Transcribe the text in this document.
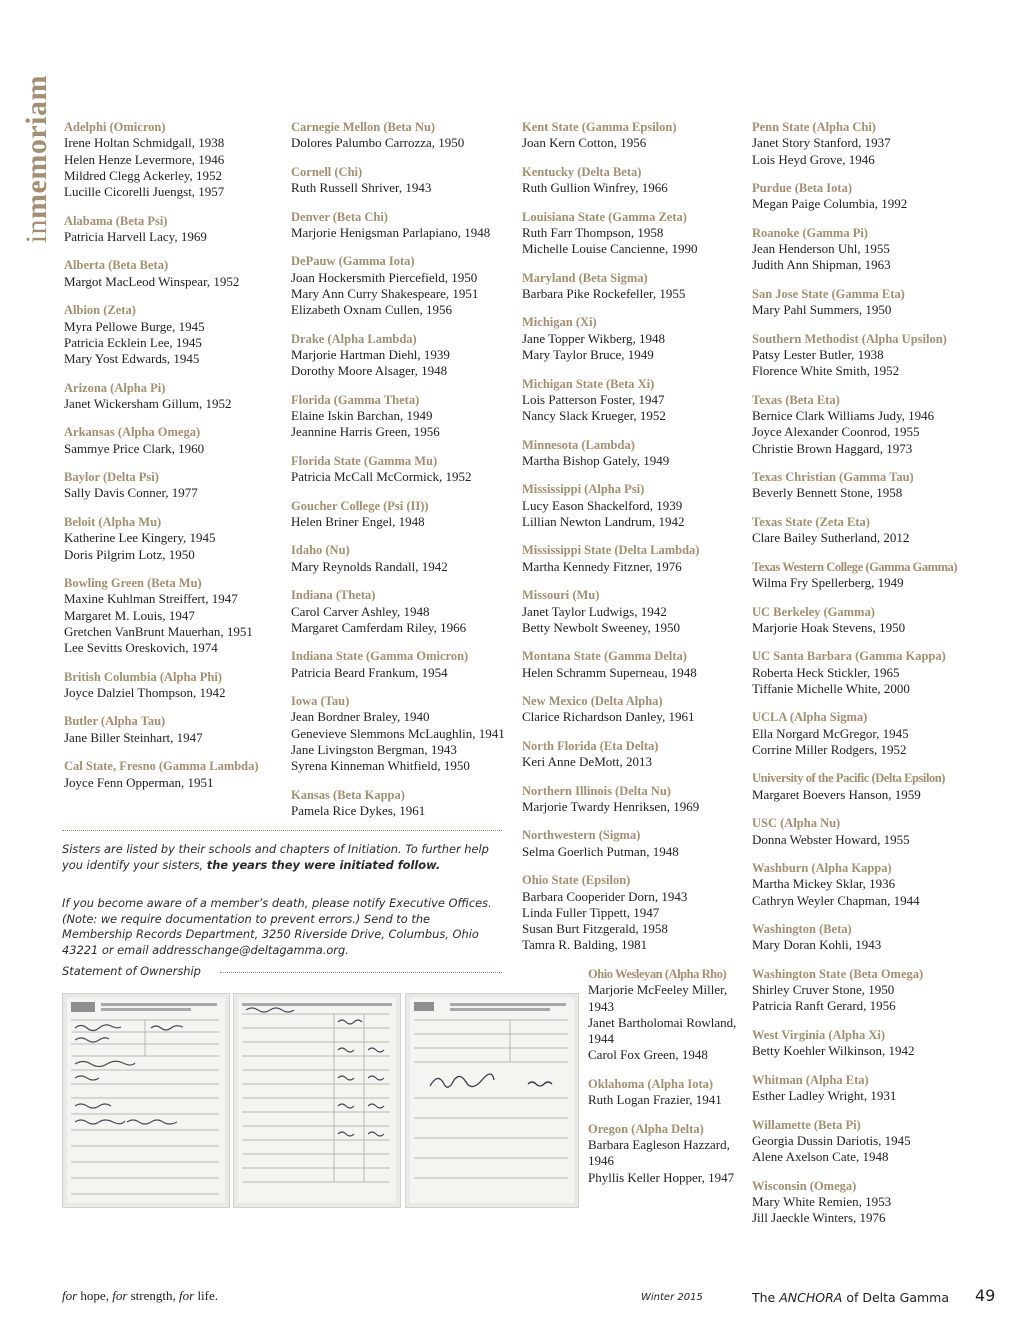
inmemoriam Adelphi (Omicron)
Irene Holtan Schmidgall, 1938
Helen Henze Levermore, 1946
Mildred Clegg Ackerley, 1952
Lucille Cicorelli Juengst, 1957
Alabama (Beta Psi)
Patricia Harvell Lacy, 1969
Alberta (Beta Beta)
Margot MacLeod Winspear, 1952
Albion (Zeta)
Myra Pellowe Burge, 1945
Patricia Ecklein Lee, 1945
Mary Yost Edwards, 1945
Arizona (Alpha Pi)
Janet Wickersham Gillum, 1952
Arkansas (Alpha Omega)
Sammye Price Clark, 1960
Baylor (Delta Psi)
Sally Davis Conner, 1977
Beloit (Alpha Mu)
Katherine Lee Kingery, 1945
Doris Pilgrim Lotz, 1950
Bowling Green (Beta Mu)
Maxine Kuhlman Streiffert, 1947
Margaret M. Louis, 1947
Gretchen VanBrunt Mauerhan, 1951
Lee Sevitts Oreskovich, 1974
British Columbia (Alpha Phi)
Joyce Dalziel Thompson, 1942
Butler (Alpha Tau)
Jane Biller Steinhart, 1947
Cal State, Fresno (Gamma Lambda)
Joyce Fenn Opperman, 1951
Carnegie Mellon (Beta Nu)
Dolores Palumbo Carrozza, 1950
Cornell (Chi)
Ruth Russell Shriver, 1943
Denver (Beta Chi)
Marjorie Henigsman Parlapiano, 1948
DePauw (Gamma Iota)
Joan Hockersmith Piercefield, 1950
Mary Ann Curry Shakespeare, 1951
Elizabeth Oxnam Cullen, 1956
Drake (Alpha Lambda)
Marjorie Hartman Diehl, 1939
Dorothy Moore Alsager, 1948
Florida (Gamma Theta)
Elaine Iskin Barchan, 1949
Jeannine Harris Green, 1956
Florida State (Gamma Mu)
Patricia McCall McCormick, 1952
Goucher College (Psi (II))
Helen Briner Engel, 1948
Idaho (Nu)
Mary Reynolds Randall, 1942
Indiana (Theta)
Carol Carver Ashley, 1948
Margaret Camferdam Riley, 1966
Indiana State (Gamma Omicron)
Patricia Beard Frankum, 1954
Iowa (Tau)
Jean Bordner Braley, 1940
Genevieve Slemmons McLaughlin, 1941
Jane Livingston Bergman, 1943
Syrena Kinneman Whitfield, 1950
Kansas (Beta Kappa)
Pamela Rice Dykes, 1961
Kent State (Gamma Epsilon)
Joan Kern Cotton, 1956
Kentucky (Delta Beta)
Ruth Gullion Winfrey, 1966
Louisiana State (Gamma Zeta)
Ruth Farr Thompson, 1958
Michelle Louise Cancienne, 1990
Maryland (Beta Sigma)
Barbara Pike Rockefeller, 1955
Michigan (Xi)
Jane Topper Wikberg, 1948
Mary Taylor Bruce, 1949
Michigan State (Beta Xi)
Lois Patterson Foster, 1947
Nancy Slack Krueger, 1952
Minnesota (Lambda)
Martha Bishop Gately, 1949
Mississippi (Alpha Psi)
Lucy Eason Shackelford, 1939
Lillian Newton Landrum, 1942
Mississippi State (Delta Lambda)
Martha Kennedy Fitzner, 1976
Missouri (Mu)
Janet Taylor Ludwigs, 1942
Betty Newbolt Sweeney, 1950
Montana State (Gamma Delta)
Helen Schramm Superneau, 1948
New Mexico (Delta Alpha)
Clarice Richardson Danley, 1961
North Florida (Eta Delta)
Keri Anne DeMott, 2013
Northern Illinois (Delta Nu)
Marjorie Twardy Henriksen, 1969
Northwestern (Sigma)
Selma Goerlich Putman, 1948
Ohio State (Epsilon)
Barbara Cooperider Dorn, 1943
Linda Fuller Tippett, 1947
Susan Burt Fitzgerald, 1958
Tamra R. Balding, 1981
Ohio Wesleyan (Alpha Rho)
Marjorie McFeeley Miller, 1943
Janet Bartholomai Rowland, 1944
Carol Fox Green, 1948
Oklahoma (Alpha Iota)
Ruth Logan Frazier, 1941
Oregon (Alpha Delta)
Barbara Eagleson Hazzard, 1946
Phyllis Keller Hopper, 1947
Penn State (Alpha Chi)
Janet Story Stanford, 1937
Lois Heyd Grove, 1946
Purdue (Beta Iota)
Megan Paige Columbia, 1992
Roanoke (Gamma Pi)
Jean Henderson Uhl, 1955
Judith Ann Shipman, 1963
San Jose State (Gamma Eta)
Mary Pahl Summers, 1950
Southern Methodist (Alpha Upsilon)
Patsy Lester Butler, 1938
Florence White Smith, 1952
Texas (Beta Eta)
Bernice Clark Williams Judy, 1946
Joyce Alexander Coonrod, 1955
Christie Brown Haggard, 1973
Texas Christian (Gamma Tau)
Beverly Bennett Stone, 1958
Texas State (Zeta Eta)
Clare Bailey Sutherland, 2012
Texas Western College (Gamma Gamma)
Wilma Fry Spellerberg, 1949
UC Berkeley (Gamma)
Marjorie Hoak Stevens, 1950
UC Santa Barbara (Gamma Kappa)
Roberta Heck Stickler, 1965
Tiffanie Michelle White, 2000
UCLA (Alpha Sigma)
Ella Norgard McGregor, 1945
Corrine Miller Rodgers, 1952
University of the Pacific (Delta Epsilon)
Margaret Boevers Hanson, 1959
USC (Alpha Nu)
Donna Webster Howard, 1955
Washburn (Alpha Kappa)
Martha Mickey Sklar, 1936
Cathryn Weyler Chapman, 1944
Washington (Beta)
Mary Doran Kohli, 1943
Washington State (Beta Omega)
Shirley Cruver Stone, 1950
Patricia Ranft Gerard, 1956
West Virginia (Alpha Xi)
Betty Koehler Wilkinson, 1942
Whitman (Alpha Eta)
Esther Ladley Wright, 1931
Willamette (Beta Pi)
Georgia Dussin Dariotis, 1945
Alene Axelson Cate, 1948
Wisconsin (Omega)
Mary White Remien, 1953
Jill Jaeckle Winters, 1976
Sisters are listed by their schools and chapters of Initiation. To further help you identify your sisters, the years they were initiated follow.
If you become aware of a member’s death, please notify Executive Offices. (Note: we require documentation to prevent errors.) Send to the Membership Records Department, 3250 Riverside Drive, Columbus, Ohio 43221 or email addresschange@deltagamma.org.
Statement of Ownership
for hope, for strength, for life.	Winter 2015	The ANCHORA of Delta Gamma 49
